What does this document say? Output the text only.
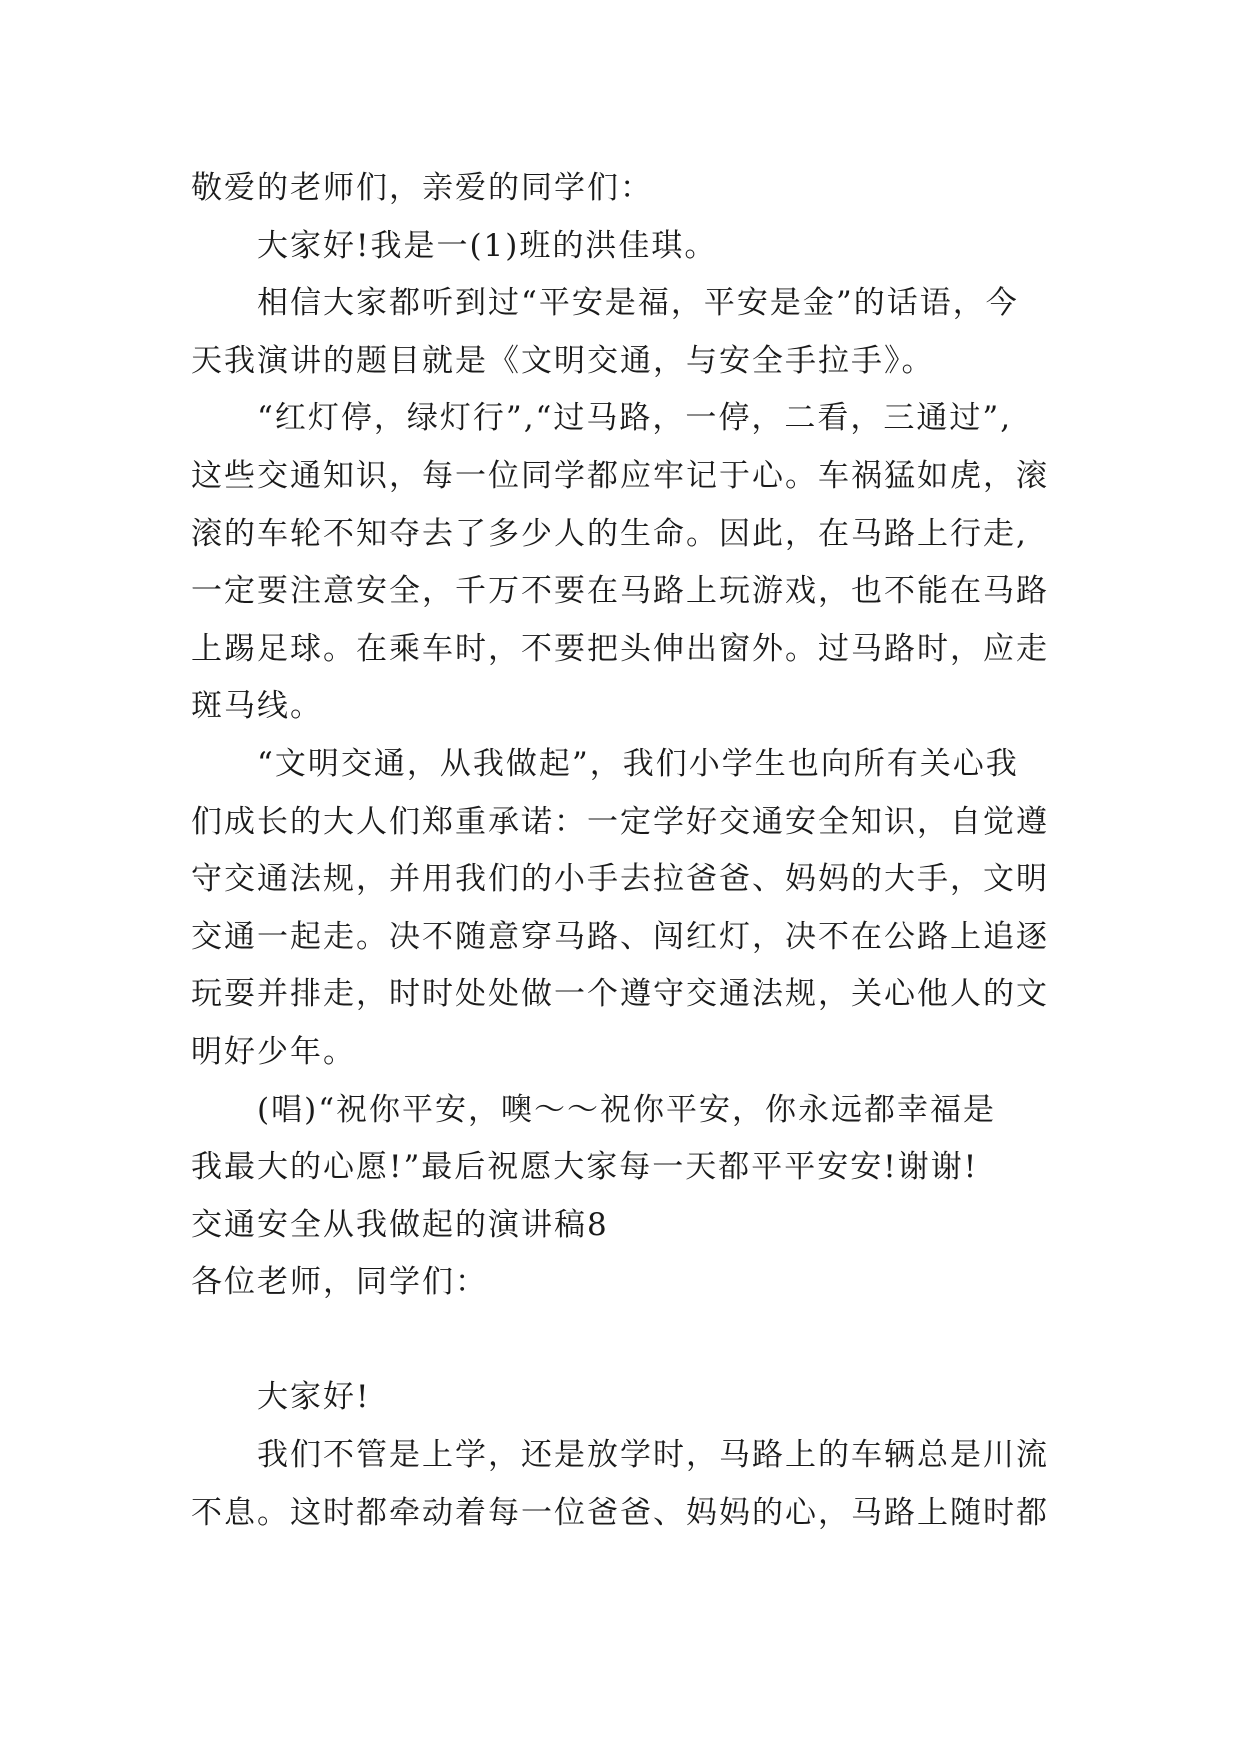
敬爱的老师们，亲爱的同学们：

大家好!我是一(1)班的洪佳琪。

相信大家都听到过“平安是福，平安是金”的话语，今

天我演讲的题目就是《文明交通，与安全手拉手》。

“红灯停，绿灯行”,“过马路，一停，二看，三通过”,

这些交通知识，每一位同学都应牢记于心。车祸猛如虎，滚

滚的车轮不知夺去了多少人的生命。因此，在马路上行走,

一定要注意安全，千万不要在马路上玩游戏，也不能在马路

上踢足球。在乘车时，不要把头伸出窗外。过马路时，应走

斑马线。

“文明交通，从我做起”，我们小学生也向所有关心我

们成长的大人们郑重承诺：一定学好交通安全知识，自觉遵

守交通法规，并用我们的小手去拉爸爸、妈妈的大手，文明

交通一起走。决不随意穿马路、闯红灯，决不在公路上追逐

玩耍并排走，时时处处做一个遵守交通法规，关心他人的文

明好少年。

(唱)“祝你平安，噢～～祝你平安，你永远都幸福是

我最大的心愿!”最后祝愿大家每一天都平平安安!谢谢!

交通安全从我做起的演讲稿8

各位老师，同学们：

大家好!

我们不管是上学，还是放学时，马路上的车辆总是川流

不息。这时都牵动着每一位爸爸、妈妈的心，马路上随时都
